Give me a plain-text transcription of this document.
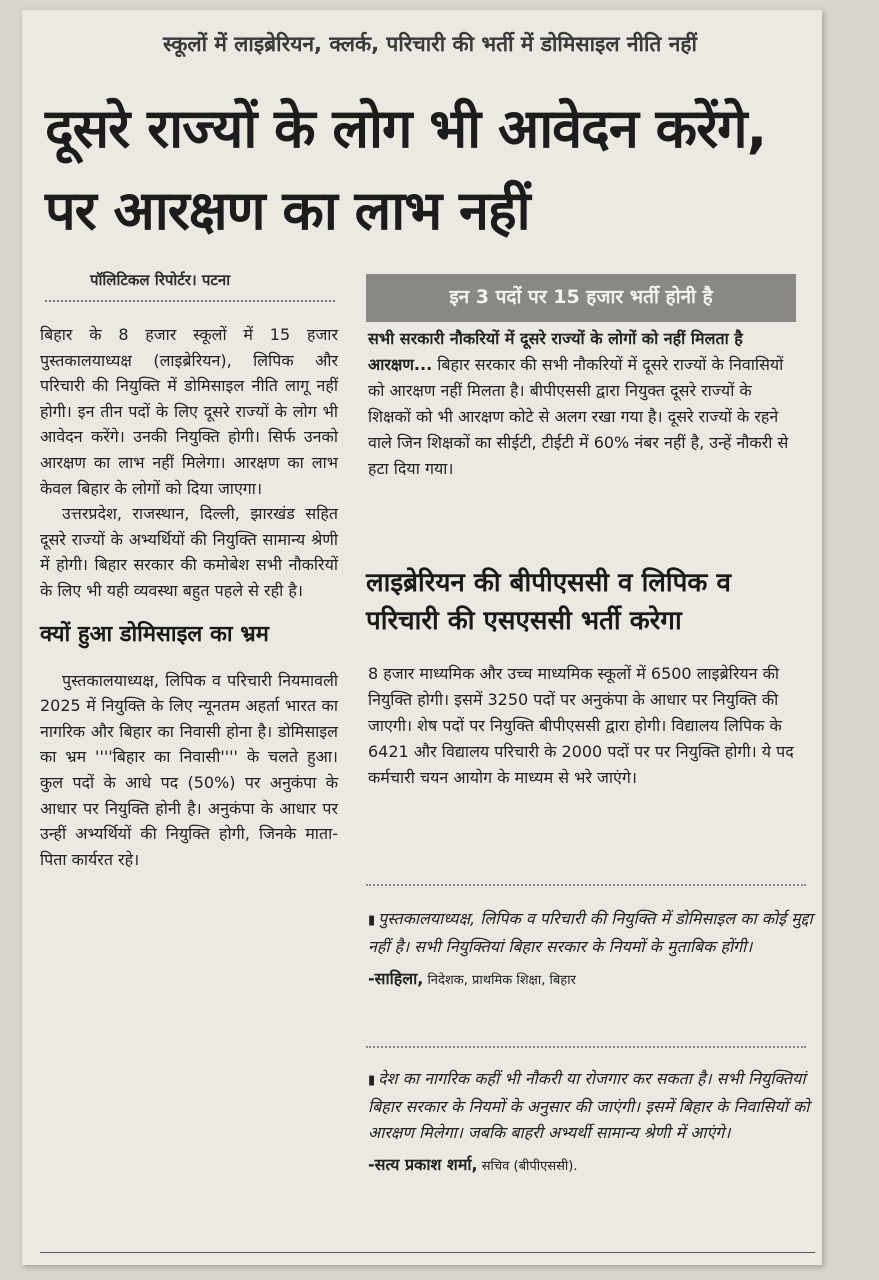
स्कूलों में लाइब्रेरियन, क्लर्क, परिचारी की भर्ती में डोमिसाइल नीति नहीं
दूसरे राज्यों के लोग भी आवेदन करेंगे, पर आरक्षण का लाभ नहीं
पॉलिटिकल रिपोर्टर। पटना

बिहार के 8 हजार स्कूलों में 15 हजार पुस्तकालयाध्यक्ष (लाइब्रेरियन), लिपिक और परिचारी की नियुक्ति में डोमिसाइल नीति लागू नहीं होगी। इन तीन पदों के लिए दूसरे राज्यों के लोग भी आवेदन करेंगे। उनकी नियुक्ति होगी। सिर्फ उनको आरक्षण का लाभ नहीं मिलेगा। आरक्षण का लाभ केवल बिहार के लोगों को दिया जाएगा।

उत्तरप्रदेश, राजस्थान, दिल्ली, झारखंड सहित दूसरे राज्यों के अभ्यर्थियों की नियुक्ति सामान्य श्रेणी में होगी। बिहार सरकार की कमोबेश सभी नौकरियों के लिए भी यही व्यवस्था बहुत पहले से रही है।

क्यों हुआ डोमिसाइल का भ्रम

पुस्तकालयाध्यक्ष, लिपिक व परिचारी नियमावली 2025 में नियुक्ति के लिए न्यूनतम अहर्ता भारत का नागरिक और बिहार का निवासी होना है। डोमिसाइल का भ्रम ''''बिहार का निवासी'''' के चलते हुआ। कुल पदों के आधे पद (50%) पर अनुकंपा के आधार पर नियुक्ति होनी है। अनुकंपा के आधार पर उन्हीं अभ्यर्थियों की नियुक्ति होगी, जिनके माता-पिता कार्यरत रहे।

इन 3 पदों पर 15 हजार भर्ती होनी है
सभी सरकारी नौकरियों में दूसरे राज्यों के लोगों को नहीं मिलता है आरक्षण... बिहार सरकार की सभी नौकरियों में दूसरे राज्यों के निवासियों को आरक्षण नहीं मिलता है। बीपीएससी द्वारा नियुक्त दूसरे राज्यों के शिक्षकों को भी आरक्षण कोटे से अलग रखा गया है। दूसरे राज्यों के रहने वाले जिन शिक्षकों का सीईटी, टीईटी में 60% नंबर नहीं है, उन्हें नौकरी से हटा दिया गया।
लाइब्रेरियन की बीपीएससी व लिपिक व परिचारी की एसएससी भर्ती करेगा
8 हजार माध्यमिक और उच्च माध्यमिक स्कूलों में 6500 लाइब्रेरियन की नियुक्ति होगी। इसमें 3250 पदों पर अनुकंपा के आधार पर नियुक्ति की जाएगी। शेष पदों पर नियुक्ति बीपीएससी द्वारा होगी। विद्यालय लिपिक के 6421 और विद्यालय परिचारी के 2000 पदों पर पर नियुक्ति होगी। ये पद कर्मचारी चयन आयोग के माध्यम से भरे जाएंगे।
▮ पुस्तकालयाध्यक्ष, लिपिक व परिचारी की नियुक्ति में डोमिसाइल का कोई मुद्दा नहीं है। सभी नियुक्तियां बिहार सरकार के नियमों के मुताबिक होंगी।
-साहिला, निदेशक, प्राथमिक शिक्षा, बिहार
▮ देश का नागरिक कहीं भी नौकरी या रोजगार कर सकता है। सभी नियुक्तियां बिहार सरकार के नियमों के अनुसार की जाएंगी। इसमें बिहार के निवासियों को आरक्षण मिलेगा। जबकि बाहरी अभ्यर्थी सामान्य श्रेणी में आएंगे।
-सत्य प्रकाश शर्मा, सचिव (बीपीएससी).
